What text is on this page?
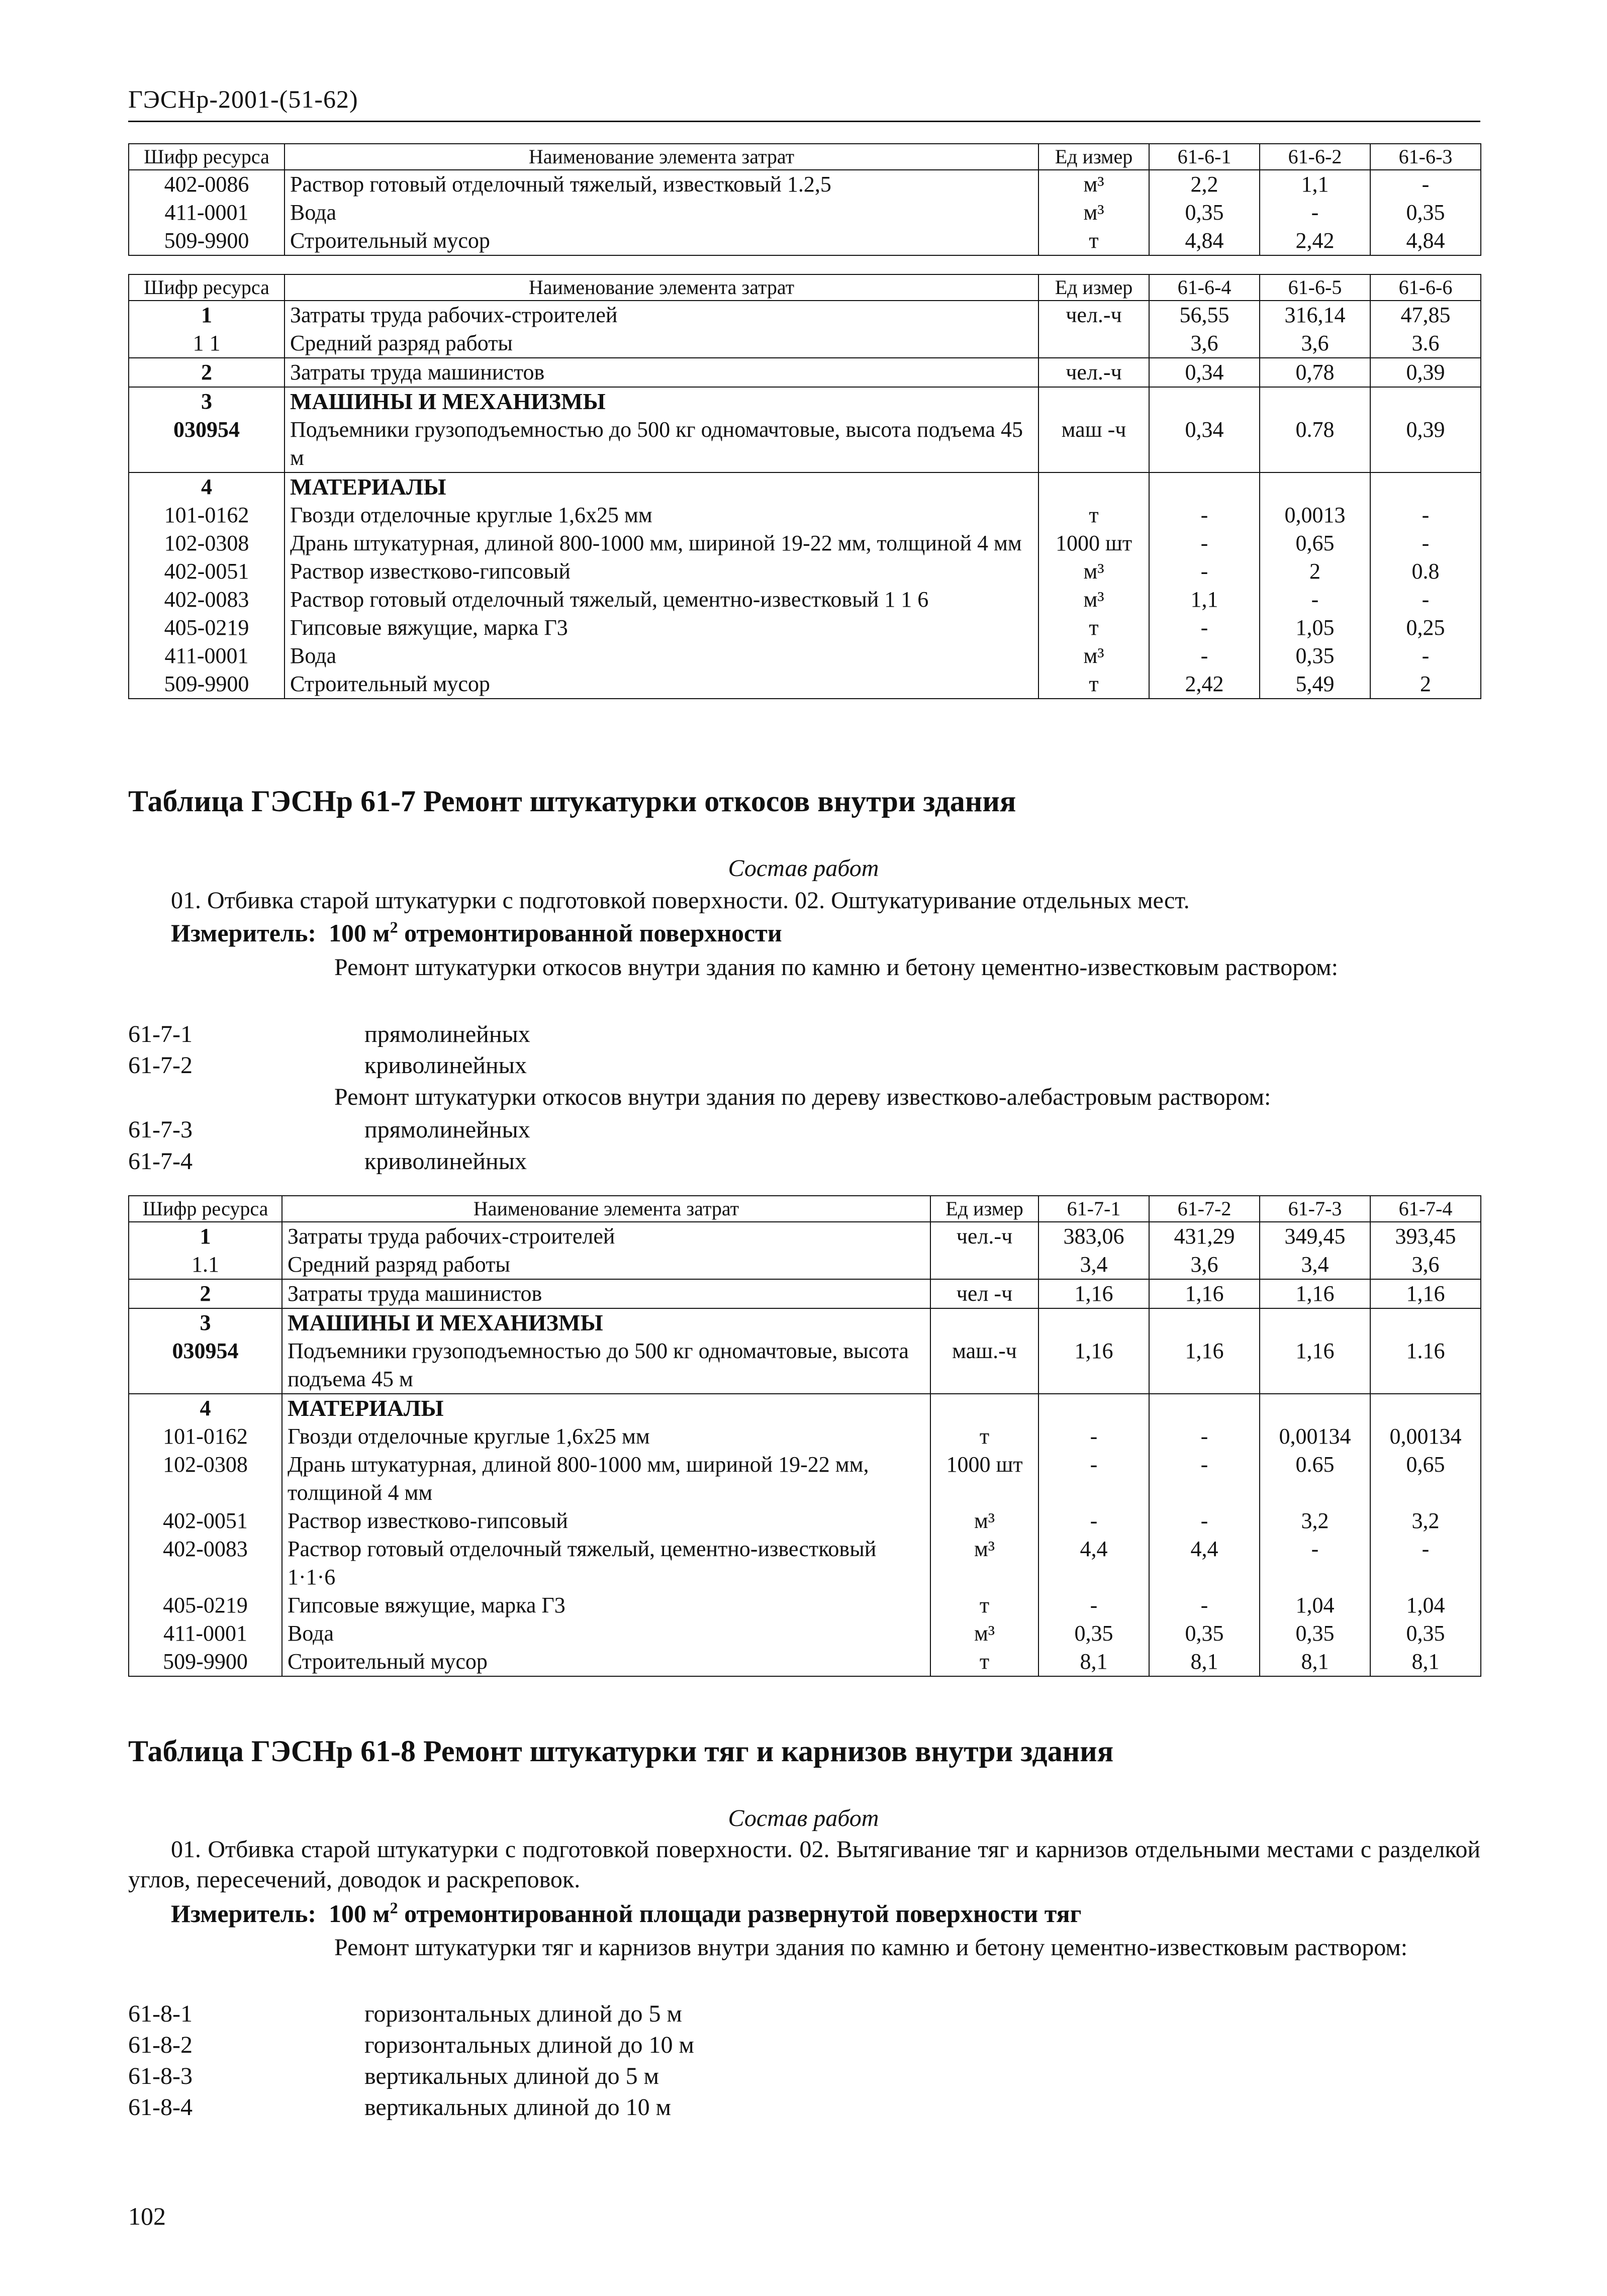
ГЭСНр-2001-(51-62)
Шифр ресурса	Наименование элемента затрат	Ед измер	61-6-1	61-6-2	61-6-3
402-0086	Раствор готовый отделочный тяжелый, известковый 1.2,5	м³	2,2	1,1	-
411-0001	Вода	м³	0,35	-	0,35
509-9900	Строительный мусор	т	4,84	2,42	4,84
Шифр ресурса	Наименование элемента затрат	Ед измер	61-6-4	61-6-5	61-6-6
1	Затраты труда рабочих-строителей	чел.-ч	56,55	316,14	47,85
1 1	Средний разряд работы		3,6	3,6	3.6
2	Затраты труда машинистов	чел.-ч	0,34	0,78	0,39
3	МАШИНЫ И МЕХАНИЗМЫ				
030954	Подъемники грузоподъемностью до 500 кг одномачтовые, высота подъема 45 м	маш -ч	0,34	0.78	0,39
4	МАТЕРИАЛЫ				
101-0162	Гвозди отделочные круглые 1,6х25 мм	т	-	0,0013	-
102-0308	Дрань штукатурная, длиной 800-1000 мм, шириной 19-22 мм, толщиной 4 мм	1000 шт	-	0,65	-
402-0051	Раствор известково-гипсовый	м³	-	2	0.8
402-0083	Раствор готовый отделочный тяжелый, цементно-известковый 1 1 6	м³	1,1	-	-
405-0219	Гипсовые вяжущие, марка Г3	т	-	1,05	0,25
411-0001	Вода	м³	-	0,35	-
509-9900	Строительный мусор	т	2,42	5,49	2
Таблица ГЭСНр 61-7 Ремонт штукатурки откосов внутри здания
Состав работ
01. Отбивка старой штукатурки с подготовкой поверхности. 02. Оштукатуривание отдельных мест.
Измеритель: 100 $м^2$ отремонтированной поверхности
Ремонт штукатурки откосов внутри здания по камню и бетону цементно-известковым раствором:
61-7-1	прямолинейных
61-7-2	криволинейных
Ремонт штукатурки откосов внутри здания по дереву известково-алебастровым раствором:
61-7-3	прямолинейных
61-7-4	криволинейных
Шифр ресурса	Наименование элемента затрат	Ед измер	61-7-1	61-7-2	61-7-3	61-7-4
1	Затраты труда рабочих-строителей	чел.-ч	383,06	431,29	349,45	393,45
1.1	Средний разряд работы		3,4	3,6	3,4	3,6
2	Затраты труда машинистов	чел -ч	1,16	1,16	1,16	1,16
3	МАШИНЫ И МЕХАНИЗМЫ					
030954	Подъемники грузоподъемностью до 500 кг одномачтовые, высота подъема 45 м	маш.-ч	1,16	1,16	1,16	1.16
4	МАТЕРИАЛЫ					
101-0162	Гвозди отделочные круглые 1,6х25 мм	т	-	-	0,00134	0,00134
102-0308	Дрань штукатурная, длиной 800-1000 мм, шириной 19-22 мм, толщиной 4 мм	1000 шт	-	-	0.65	0,65
402-0051	Раствор известково-гипсовый	м³	-	-	3,2	3,2
402-0083	Раствор готовый отделочный тяжелый, цементно-известковый 1·1·6	м³	4,4	4,4	-	-
405-0219	Гипсовые вяжущие, марка Г3	т	-	-	1,04	1,04
411-0001	Вода	м³	0,35	0,35	0,35	0,35
509-9900	Строительный мусор	т	8,1	8,1	8,1	8,1
Таблица ГЭСНр 61-8 Ремонт штукатурки тяг и карнизов внутри здания
Состав работ
01. Отбивка старой штукатурки с подготовкой поверхности. 02. Вытягивание тяг и карнизов отдельными местами с разделкой углов, пересечений, доводок и раскреповок.
Измеритель: 100 $м^2$ отремонтированной площади развернутой поверхности тяг
Ремонт штукатурки тяг и карнизов внутри здания по камню и бетону цементно-известковым раствором:
61-8-1	горизонтальных длиной до 5 м
61-8-2	горизонтальных длиной до 10 м
61-8-3	вертикальных длиной до 5 м
61-8-4	вертикальных длиной до 10 м
102
